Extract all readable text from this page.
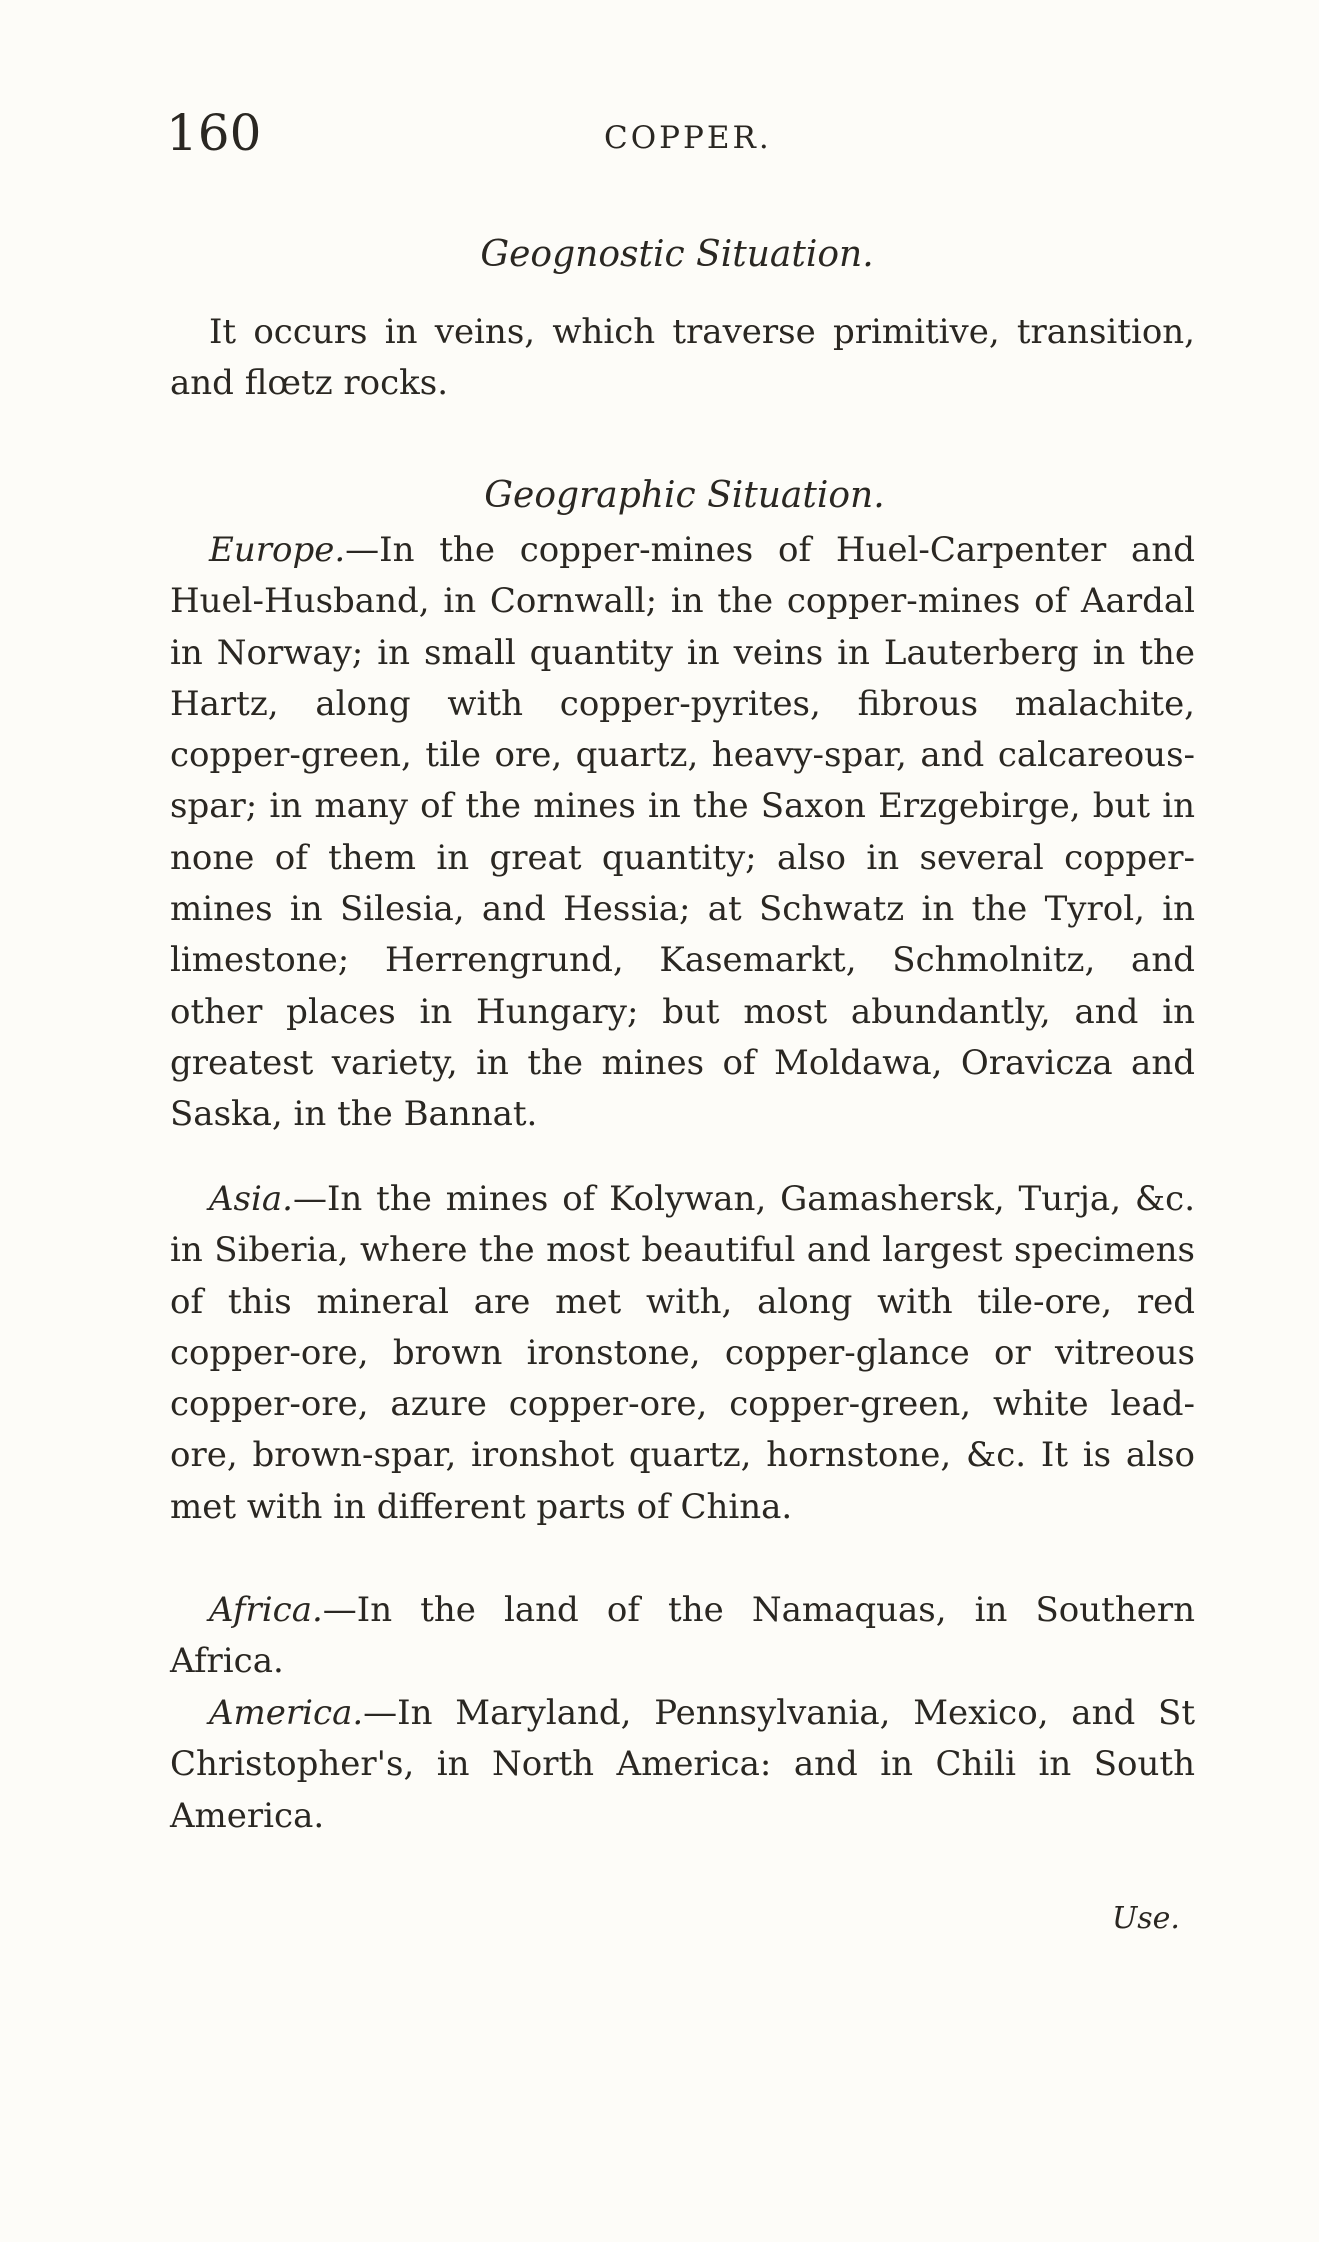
160	COPPER.
Geognostic Situation.

It occurs in veins, which traverse primitive, transition, and flœtz rocks.

Geographic Situation.

Europe.—In the copper-mines of Huel-Carpenter and Huel-Husband, in Cornwall; in the copper-mines of Aardal in Norway; in small quantity in veins in Lauterberg in the Hartz, along with copper-pyrites, fibrous malachite, copper-green, tile ore, quartz, heavy-spar, and calcareous-spar; in many of the mines in the Saxon Erzgebirge, but in none of them in great quantity; also in several copper-mines in Silesia, and Hessia; at Schwatz in the Tyrol, in limestone; Herrengrund, Kasemarkt, Schmolnitz, and other places in Hungary; but most abundantly, and in greatest variety, in the mines of Moldawa, Oravicza and Saska, in the Bannat.

Asia.—In the mines of Kolywan, Gamashersk, Turja, &c. in Siberia, where the most beautiful and largest specimens of this mineral are met with, along with tile-ore, red copper-ore, brown ironstone, copper-glance or vitreous copper-ore, azure copper-ore, copper-green, white lead-ore, brown-spar, ironshot quartz, hornstone, &c. It is also met with in different parts of China.

Africa.—In the land of the Namaquas, in Southern Africa.

America.—In Maryland, Pennsylvania, Mexico, and St Christopher's, in North America: and in Chili in South America.

Use.
